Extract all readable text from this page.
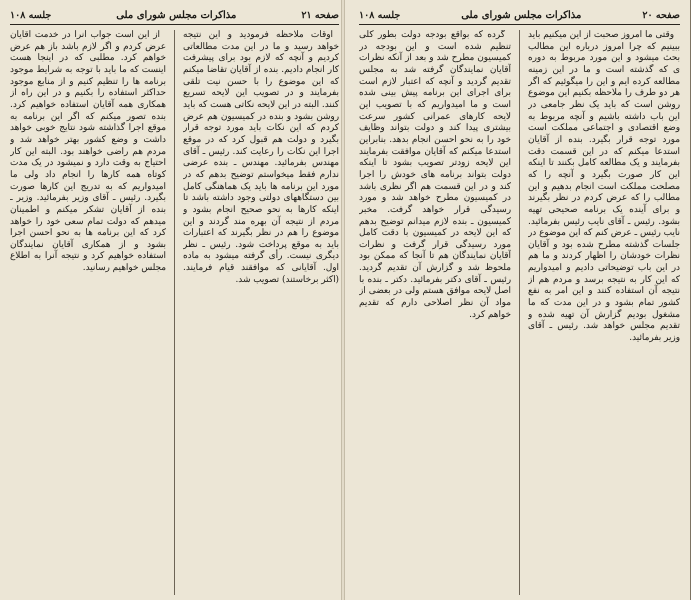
صفحه ۲۱
مذاکرات مجلس شورای ملی
جلسه ۱۰۸

اوقات ملاحظه فرمودید و این نتیجه خواهد رسید و ما در این مدت مطالعاتی کردیم و آنچه که لازم بود برای پیشرفت کار انجام دادیم. بنده از آقایان تقاضا میکنم که این موضوع را با حسن نیت تلقی بفرمایند و در تصویب این لایحه تسریع کنند. البته در این لایحه نکاتی هست که باید روشن بشود و بنده در کمیسیون هم عرض کردم که این نکات باید مورد توجه قرار بگیرد و دولت هم قبول کرد که در موقع اجرا این نکات را رعایت کند. رئیس ـ آقای مهندس بفرمائید. مهندس ـ بنده عرضی ندارم فقط میخواستم توضیح بدهم که در مورد این برنامه ها باید یک هماهنگی کامل بین دستگاههای دولتی وجود داشته باشد تا اینکه کارها به نحو صحیح انجام بشود و مردم از نتیجه آن بهره مند گردند و این موضوع را هم در نظر بگیرند که اعتبارات باید به موقع پرداخت شود. رئیس ـ نظر دیگری نیست. رأی گرفته میشود به ماده اول. آقایانی که موافقند قیام فرمایند. (اکثر برخاستند) تصویب شد.

از این است جواب آنرا در خدمت آقایان عرض کردم و اگر لازم باشد باز هم عرض خواهم کرد. مطلبی که در اینجا هست اینست که ما باید با توجه به شرایط موجود برنامه ها را تنظیم کنیم و از منابع موجود حداکثر استفاده را بکنیم و در این راه از همکاری همه آقایان استفاده خواهیم کرد. بنده تصور میکنم که اگر این برنامه به موقع اجرا گذاشته شود نتایج خوبی خواهد داشت و وضع کشور بهتر خواهد شد و مردم هم راضی خواهند بود. البته این کار احتیاج به وقت دارد و نمیشود در یک مدت کوتاه همه کارها را انجام داد ولی ما امیدواریم که به تدریج این کارها صورت بگیرد. رئیس ـ آقای وزیر بفرمائید. وزیر ـ بنده از آقایان تشکر میکنم و اطمینان میدهم که دولت تمام سعی خود را خواهد کرد که این برنامه ها به نحو احسن اجرا بشود و از همکاری آقایان نمایندگان استفاده خواهیم کرد و نتیجه آنرا به اطلاع مجلس خواهیم رسانید.

صفحه ۲۰
مذاکرات مجلس شورای ملی
جلسه ۱۰۸

وقتی ما امروز صحبت از این میکنیم باید ببینیم که چرا امروز درباره این مطالب بحث میشود و این مورد مربوط به دوره ی که گذشته است و ما در این زمینه مطالعه کرده ایم و این را میگوئیم که اگر هر دو طرف را ملاحظه بکنیم این موضوع روشن است که باید یک نظر جامعی در این باب داشته باشیم و آنچه مربوط به وضع اقتصادی و اجتماعی مملکت است مورد توجه قرار بگیرد. بنده از آقایان استدعا میکنم که در این قسمت دقت بفرمایند و یک مطالعه کامل بکنند تا اینکه این کار صورت بگیرد و آنچه را که مصلحت مملکت است انجام بدهیم و این مطالب را که عرض کردم در نظر بگیرند و برای آینده یک برنامه صحیحی تهیه بشود. رئیس ـ آقای نایب رئیس بفرمائید. نایب رئیس ـ عرض کنم که این موضوع در جلسات گذشته مطرح شده بود و آقایان نظرات خودشان را اظهار کردند و ما هم در این باب توضیحاتی دادیم و امیدواریم که این کار به نتیجه برسد و مردم هم از نتیجه آن استفاده کنند و این امر به نفع کشور تمام بشود و در این مدت که ما مشغول بودیم گزارش آن تهیه شده و تقدیم مجلس خواهد شد. رئیس ـ آقای وزیر بفرمائید.

گرده که بواقع بودجه دولت بطور کلی تنظیم شده است و این بودجه در کمیسیون مطرح شد و بعد از آنکه نظرات آقایان نمایندگان گرفته شد به مجلس تقدیم گردید و آنچه که اعتبار لازم است برای اجرای این برنامه پیش بینی شده است و ما امیدواریم که با تصویب این لایحه کارهای عمرانی کشور سرعت بیشتری پیدا کند و دولت بتواند وظایف خود را به نحو احسن انجام بدهد. بنابراین استدعا میکنم که آقایان موافقت بفرمایند این لایحه زودتر تصویب بشود تا اینکه دولت بتواند برنامه های خودش را اجرا کند و در این قسمت هم اگر نظری باشد در کمیسیون مطرح خواهد شد و مورد رسیدگی قرار خواهد گرفت. مخبر کمیسیون ـ بنده لازم میدانم توضیح بدهم که این لایحه در کمیسیون با دقت کامل مورد رسیدگی قرار گرفت و نظرات آقایان نمایندگان هم تا آنجا که ممکن بود ملحوظ شد و گزارش آن تقدیم گردید. رئیس ـ آقای دکتر بفرمائید. دکتر ـ بنده با اصل لایحه موافق هستم ولی در بعضی از مواد آن نظر اصلاحی دارم که تقدیم خواهم کرد.
